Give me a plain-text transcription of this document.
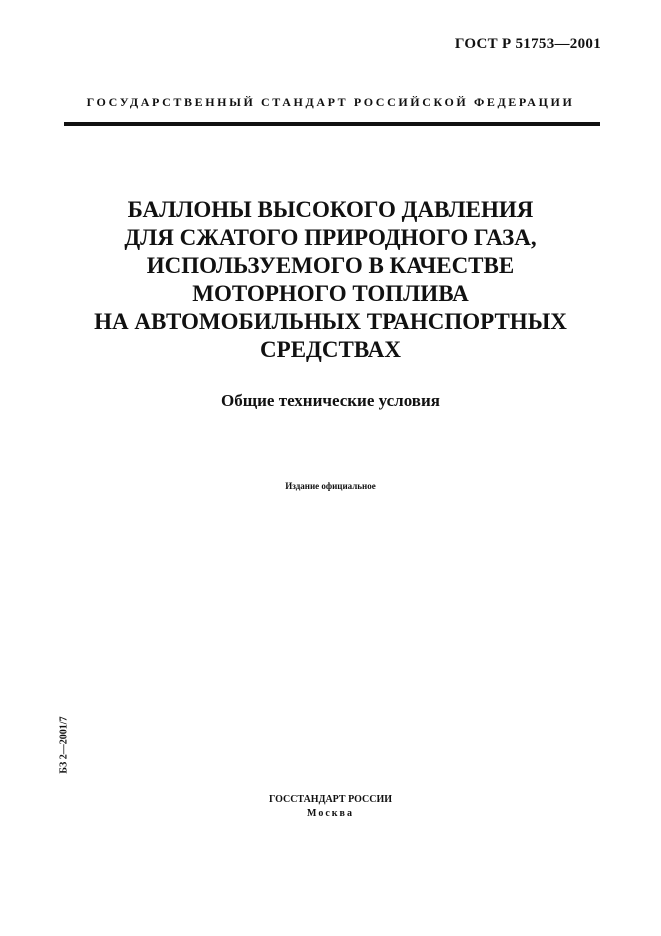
ГОСТ Р 51753—2001
ГОСУДАРСТВЕННЫЙ СТАНДАРТ РОССИЙСКОЙ ФЕДЕРАЦИИ
БАЛЛОНЫ ВЫСОКОГО ДАВЛЕНИЯ
ДЛЯ СЖАТОГО ПРИРОДНОГО ГАЗА,
ИСПОЛЬЗУЕМОГО В КАЧЕСТВЕ
МОТОРНОГО ТОПЛИВА
НА АВТОМОБИЛЬНЫХ ТРАНСПОРТНЫХ
СРЕДСТВАХ
Общие технические условия
Издание официальное
БЗ 2—2001/7
ГОССТАНДАРТ РОССИИ
Москва
